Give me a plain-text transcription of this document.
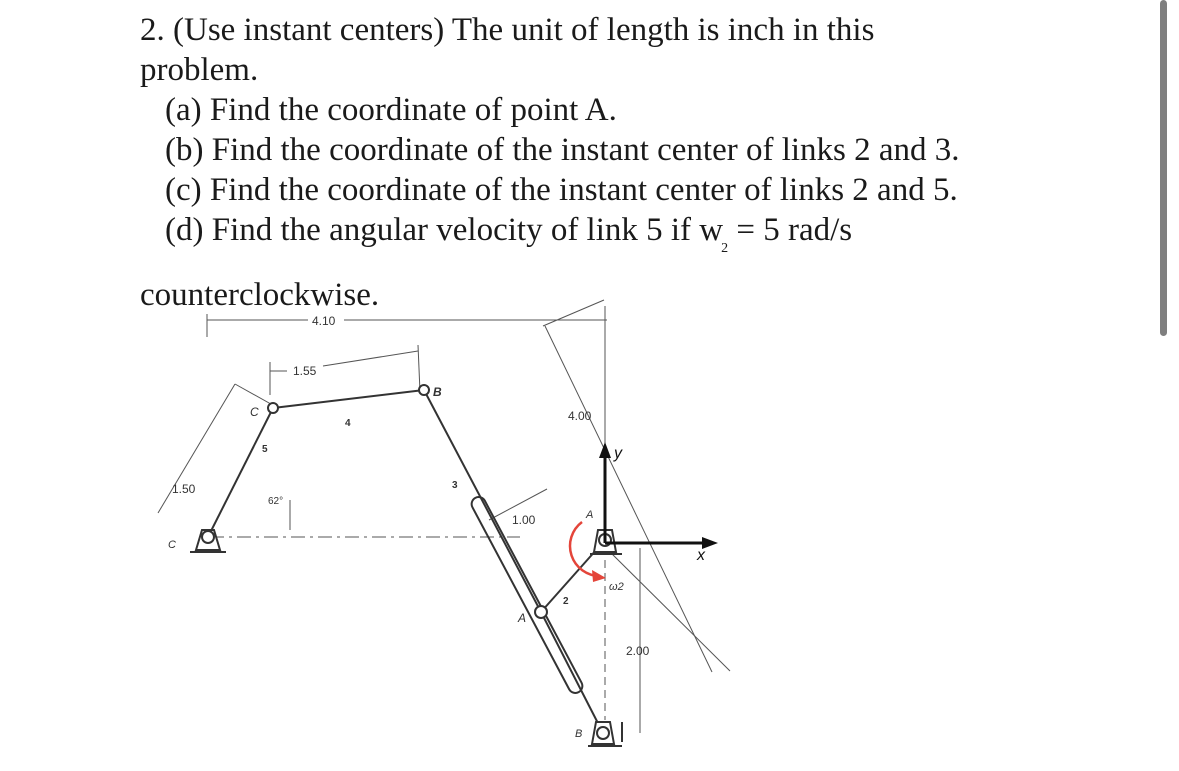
2. (Use instant centers) The unit of length is inch in this
problem.
(a) Find the coordinate of point A.
(b) Find the coordinate of the instant center of links 2 and 3.
(c) Find the coordinate of the instant center of links 2 and 5.
(d) Find the angular velocity of link 5 if $w_2 = 5$ rad/s
counterclockwise.
4.10
1.55
4.00
1.50
1.00
2.00
62°
C
B
A
A
B
C
2
3
4
5
ω2
x
y
